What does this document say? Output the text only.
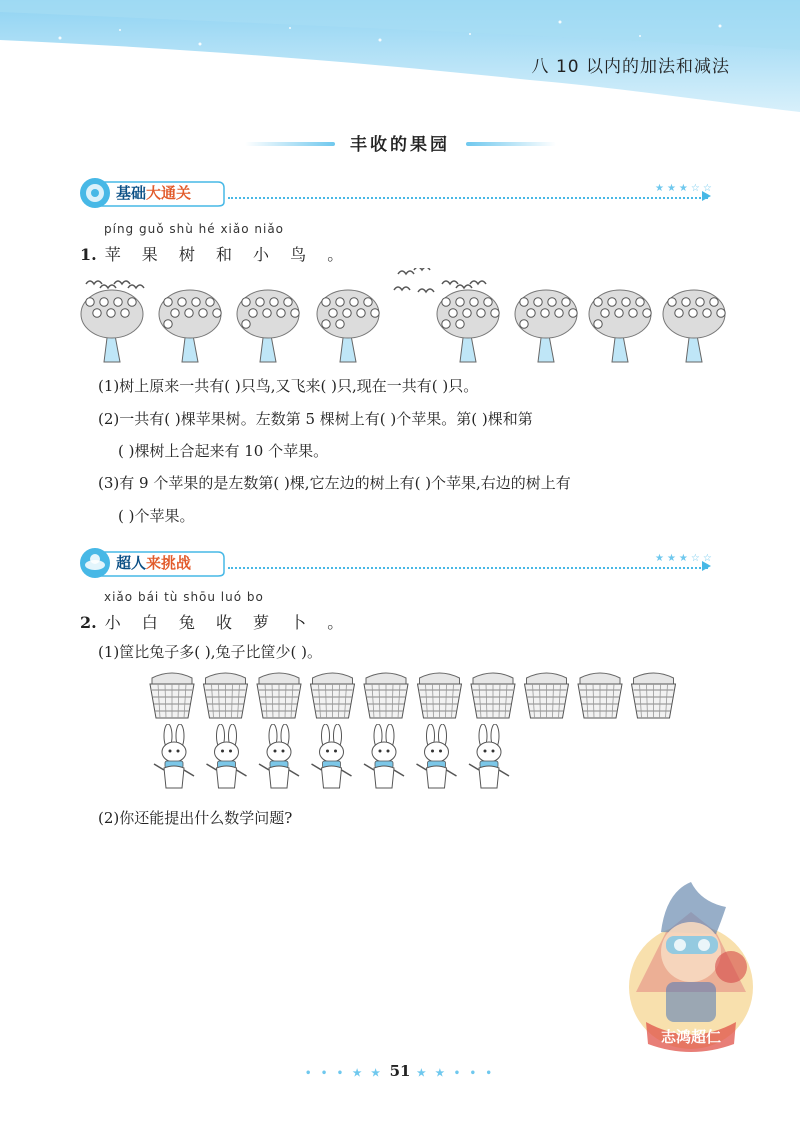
八 10 以内的加法和减法
丰收的果园
基础大通关	★★★☆☆
píng guǒ shù hé xiǎo niǎo
1. 苹 果 树 和 小 鸟 。
(1)树上原来一共有( )只鸟,又飞来( )只,现在一共有( )只。
(2)一共有( )棵苹果树。左数第 5 棵树上有( )个苹果。第( )棵和第
( )棵树上合起来有 10 个苹果。
(3)有 9 个苹果的是左数第( )棵,它左边的树上有( )个苹果,右边的树上有
( )个苹果。
超人来挑战	★★★☆☆
xiǎo bái tù shōu luó bo
2. 小 白 兔 收 萝 卜 。
(1)筐比兔子多( ),兔子比筐少( )。
(2)你还能提出什么数学问题?
志鸿超仁
• • • ★ ★ 51 ★ ★ • • •
